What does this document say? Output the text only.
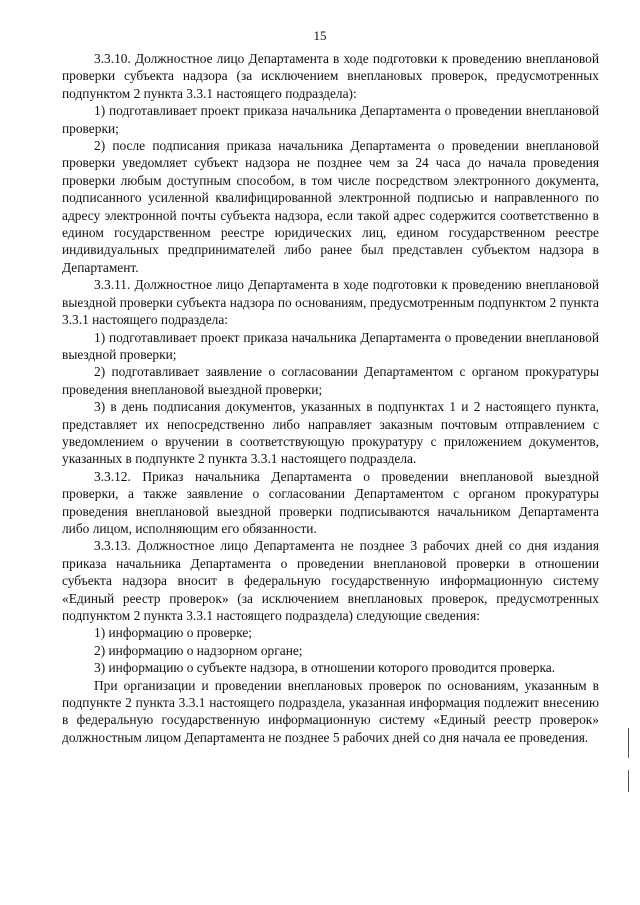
15

3.3.10. Должностное лицо Департамента в ходе подготовки к проведению внеплановой проверки субъекта надзора (за исключением внеплановых проверок, предусмотренных подпунктом 2 пункта 3.3.1 настоящего подраздела):

1) подготавливает проект приказа начальника Департамента о проведении внеплановой проверки;

2) после подписания приказа начальника Департамента о проведении внеплановой проверки уведомляет субъект надзора не позднее чем за 24 часа до начала проведения проверки любым доступным способом, в том числе посредством электронного документа, подписанного усиленной квалифицированной электронной подписью и направленного по адресу электронной почты субъекта надзора, если такой адрес содержится соответственно в едином государственном реестре юридических лиц, едином государственном реестре индивидуальных предпринимателей либо ранее был представлен субъектом надзора в Департамент.

3.3.11. Должностное лицо Департамента в ходе подготовки к проведению внеплановой выездной проверки субъекта надзора по основаниям, предусмотренным подпунктом 2 пункта 3.3.1 настоящего подраздела:

1) подготавливает проект приказа начальника Департамента о проведении внеплановой выездной проверки;

2) подготавливает заявление о согласовании Департаментом с органом прокуратуры проведения внеплановой выездной проверки;

3) в день подписания документов, указанных в подпунктах 1 и 2 настоящего пункта, представляет их непосредственно либо направляет заказным почтовым отправлением с уведомлением о вручении в соответствующую прокуратуру с приложением документов, указанных в подпункте 2 пункта 3.3.1 настоящего подраздела.

3.3.12. Приказ начальника Департамента о проведении внеплановой выездной проверки, а также заявление о согласовании Департаментом с органом прокуратуры проведения внеплановой выездной проверки подписываются начальником Департамента либо лицом, исполняющим его обязанности.

3.3.13. Должностное лицо Департамента не позднее 3 рабочих дней со дня издания приказа начальника Департамента о проведении внеплановой проверки в отношении субъекта надзора вносит в федеральную государственную информационную систему «Единый реестр проверок» (за исключением внеплановых проверок, предусмотренных подпунктом 2 пункта 3.3.1 настоящего подраздела) следующие сведения:

1) информацию о проверке;

2) информацию о надзорном органе;

3) информацию о субъекте надзора, в отношении которого проводится проверка.

При организации и проведении внеплановых проверок по основаниям, указанным в подпункте 2 пункта 3.3.1 настоящего подраздела, указанная информация подлежит внесению в федеральную государственную информационную систему «Единый реестр проверок» должностным лицом Департамента не позднее 5 рабочих дней со дня начала ее проведения.
